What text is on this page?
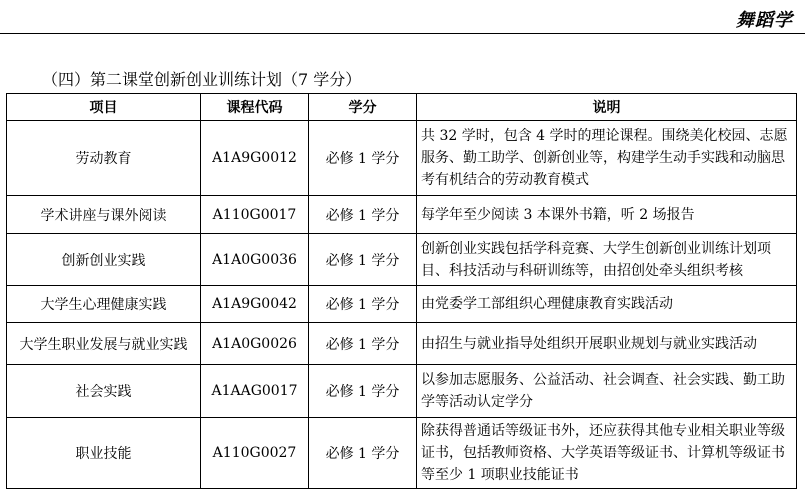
舞蹈学
（四）第二课堂创新创业训练计划（7 学分）
项目	课程代码	学分	说明
劳动教育	A1A9G0012	必修 1 学分	共 32 学时，包含 4 学时的理论课程。围绕美化校园、志愿服务、勤工助学、创新创业等，构建学生动手实践和动脑思考有机结合的劳动教育模式
学术讲座与课外阅读	A110G0017	必修 1 学分	每学年至少阅读 3 本课外书籍，听 2 场报告
创新创业实践	A1A0G0036	必修 1 学分	创新创业实践包括学科竞赛、大学生创新创业训练计划项目、科技活动与科研训练等，由招创处牵头组织考核
大学生心理健康实践	A1A9G0042	必修 1 学分	由党委学工部组织心理健康教育实践活动
大学生职业发展与就业实践	A1A0G0026	必修 1 学分	由招生与就业指导处组织开展职业规划与就业实践活动
社会实践	A1AAG0017	必修 1 学分	以参加志愿服务、公益活动、社会调查、社会实践、勤工助学等活动认定学分
职业技能	A110G0027	必修 1 学分	除获得普通话等级证书外，还应获得其他专业相关职业等级证书，包括教师资格、大学英语等级证书、计算机等级证书等至少 1 项职业技能证书
